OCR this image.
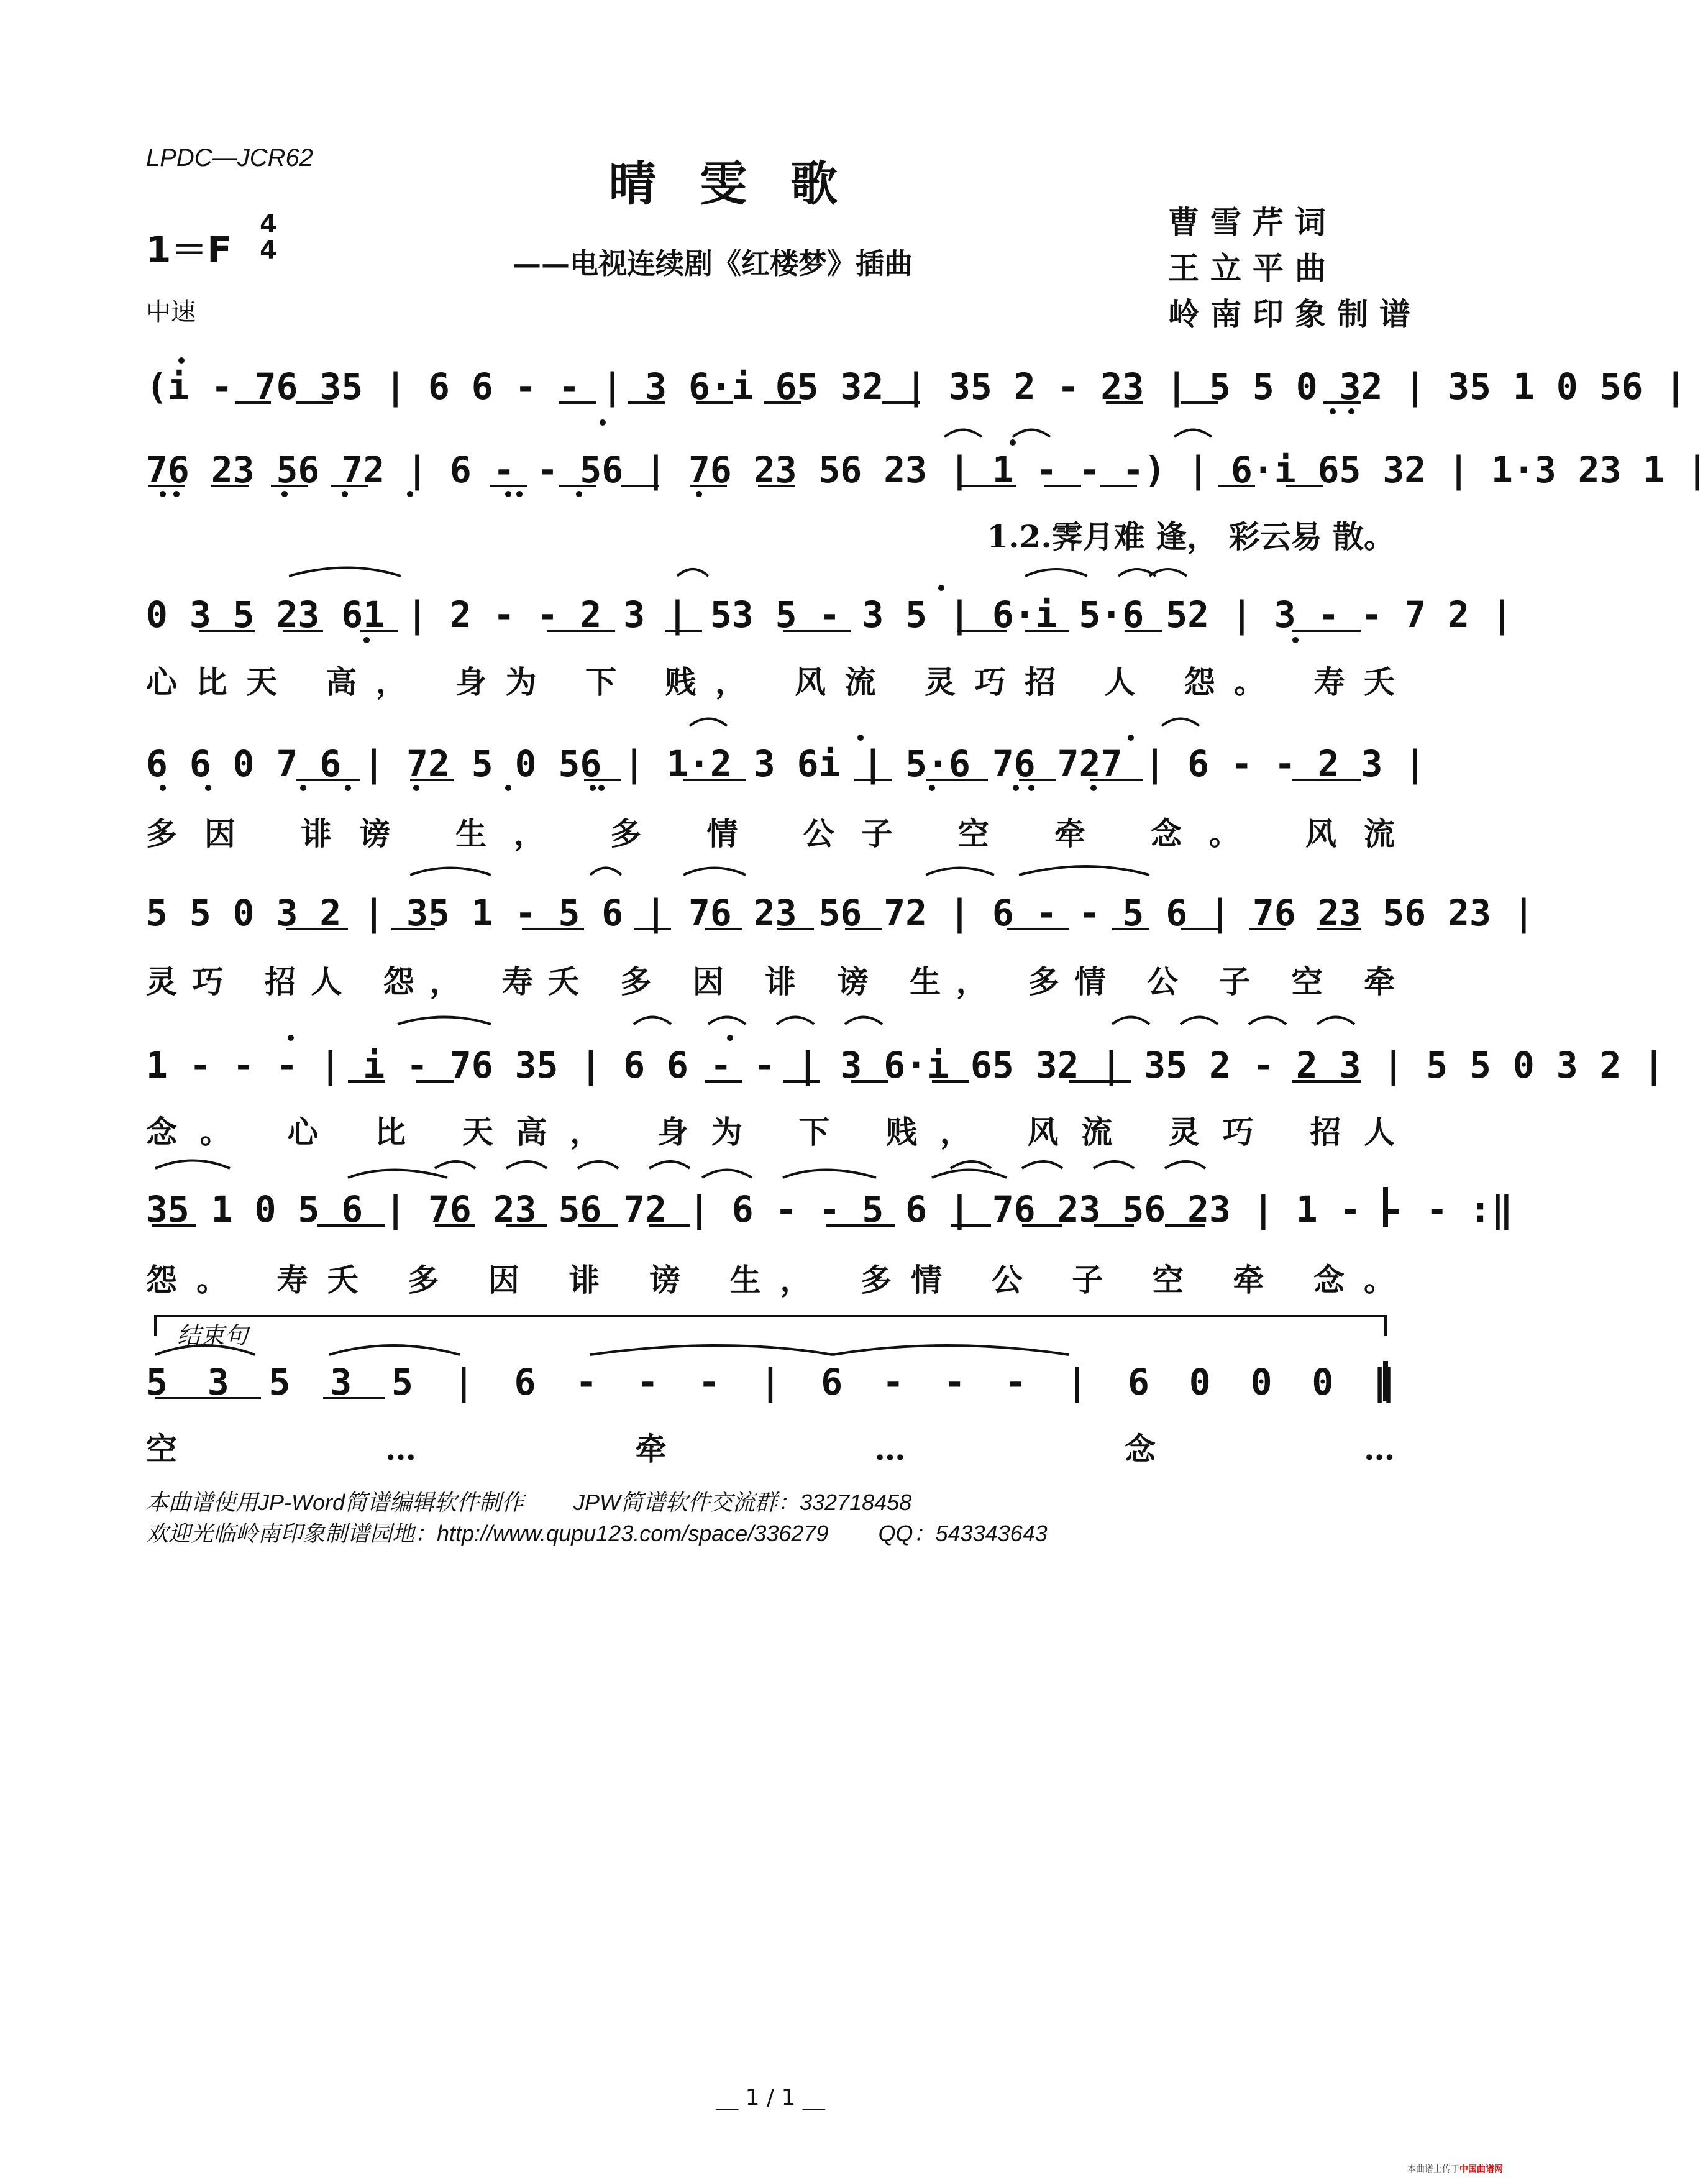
LPDC—JCR62	晴雯歌
1＝F
4
4	——电视连续剧《红楼梦》插曲
中速
曹雪芹词
王立平曲
岭南印象制谱
(i - 76 35 | 6 6 - - | 3 6·i 65 32 | 35 2 - 23 | 5 5 0 32 | 35 1 0 56 |
76 23 56 72 | 6 - - 56 | 76 23 56 23 | 1 - - -) | 6·i 65 32 | 1·3 23 1 |
1.2.霁月难 逢， 彩云易 散。
0 3 5 23 61 | 2 - - 2 3 | 53 5 - 3 5 | 6·i 5·6 52 | 3 - - 7 2 |
心比天 高， 身为 下 贱， 风流 灵巧招 人 怨。 寿夭
6 6 0 7 6 | 72 5 0 56 | 1·2 3 6i | 5·6 76 727 | 6 - - 2 3 |
多因 诽谤 生， 多 情 公子 空 牵 念。 风流
5 5 0 3 2 | 35 1 - 5 6 | 76 23 56 72 | 6 - - 5 6 | 76 23 56 23 |
灵巧 招人 怨， 寿夭 多 因 诽 谤 生， 多情 公 子 空 牵
1 - - - | i - 76 35 | 6 6 - - | 3 6·i 65 32 | 35 2 - 2 3 | 5 5 0 3 2 |
念。 心 比 天高， 身为 下 贱， 风流 灵巧 招人
35 1 0 5 6 | 76 23 56 72 | 6 - - 5 6 | 76 23 56 23 | 1 - - - :‖
怨。 寿夭 多 因 诽 谤 生， 多情 公 子 空 牵 念。
结束句
5 3 5 3 5 | 6 - - - | 6 - - - | 6 0 0 0 ‖
空… 牵… 念…
本曲谱使用JP-Word简谱编辑软件制作        JPW简谱软件交流群：332718458
欢迎光临岭南印象制谱园地：http://www.qupu123.com/space/336279        QQ：543343643
__ 1 / 1 __
本曲谱上传于中国曲谱网
